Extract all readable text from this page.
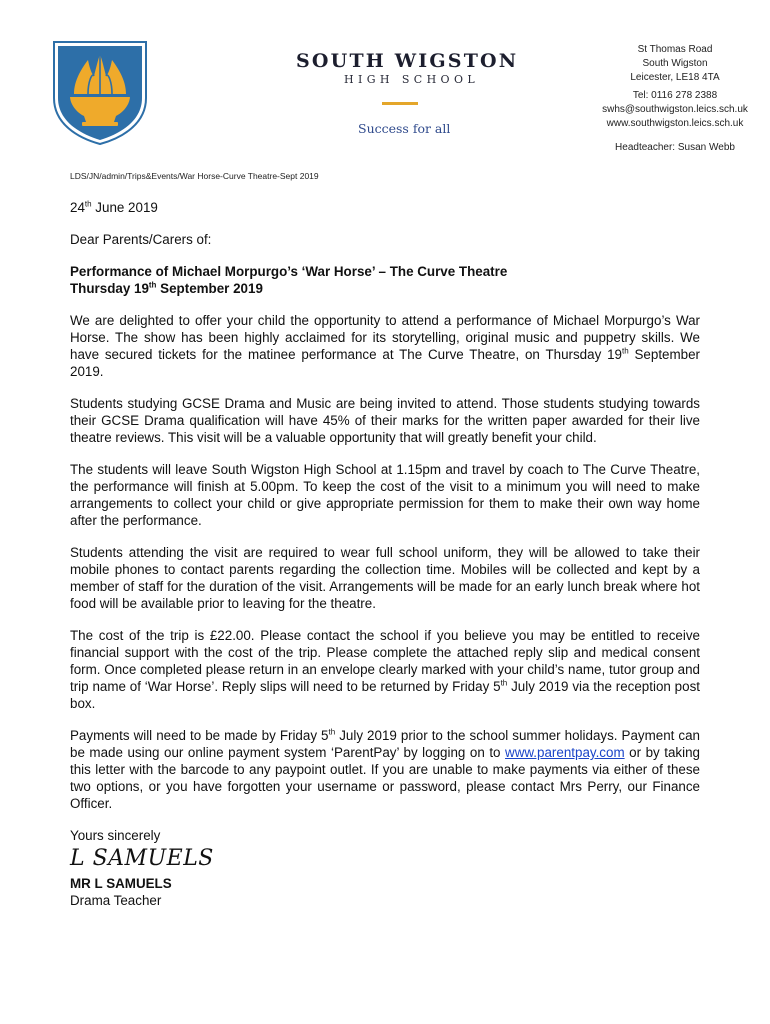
SOUTH WIGSTON
HIGH SCHOOL
Success for all
St Thomas Road
South Wigston
Leicester, LE18 4TA
Tel: 0116 278 2388
swhs@southwigston.leics.sch.uk
www.southwigston.leics.sch.uk
Headteacher: Susan Webb
LDS/JN/admin/Trips&Events/War Horse-Curve Theatre-Sept 2019

24th June 2019

Dear Parents/Carers of:

Performance of Michael Morpurgo’s ‘War Horse’ – The Curve Theatre
Thursday 19th September 2019

We are delighted to offer your child the opportunity to attend a performance of Michael Morpurgo’s War Horse. The show has been highly acclaimed for its storytelling, original music and puppetry skills. We have secured tickets for the matinee performance at The Curve Theatre, on Thursday 19th September 2019.

Students studying GCSE Drama and Music are being invited to attend. Those students studying towards their GCSE Drama qualification will have 45% of their marks for the written paper awarded for their live theatre reviews. This visit will be a valuable opportunity that will greatly benefit your child.

The students will leave South Wigston High School at 1.15pm and travel by coach to The Curve Theatre, the performance will finish at 5.00pm. To keep the cost of the visit to a minimum you will need to make arrangements to collect your child or give appropriate permission for them to make their own way home after the performance.

Students attending the visit are required to wear full school uniform, they will be allowed to take their mobile phones to contact parents regarding the collection time. Mobiles will be collected and kept by a member of staff for the duration of the visit. Arrangements will be made for an early lunch break where hot food will be available prior to leaving for the theatre.

The cost of the trip is £22.00. Please contact the school if you believe you may be entitled to receive financial support with the cost of the trip. Please complete the attached reply slip and medical consent form. Once completed please return in an envelope clearly marked with your child’s name, tutor group and trip name of ‘War Horse’. Reply slips will need to be returned by Friday 5th July 2019 via the reception post box.

Payments will need to be made by Friday 5th July 2019 prior to the school summer holidays. Payment can be made using our online payment system ‘ParentPay’ by logging on to www.parentpay.com or by taking this letter with the barcode to any paypoint outlet. If you are unable to make payments via either of these two options, or you have forgotten your username or password, please contact Mrs Perry, our Finance Officer.

Yours sincerely

L SAMUELS
MR L SAMUELS
Drama Teacher
